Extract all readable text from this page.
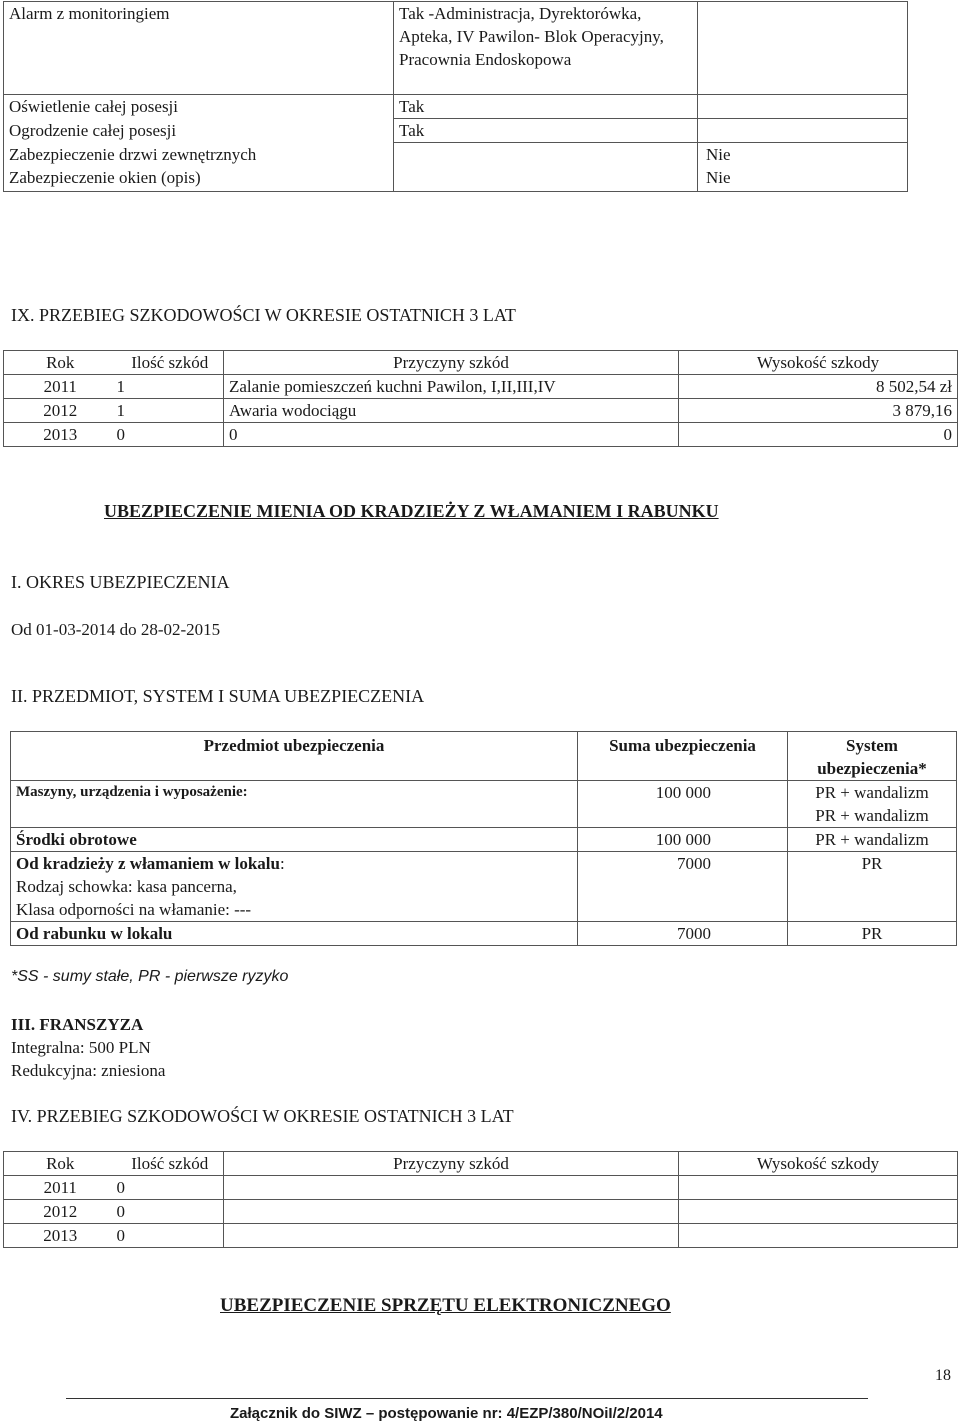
Alarm z monitoringiem	Tak -Administracja, Dyrektorówka, Apteka, IV Pawilon- Blok Operacyjny, Pracownia Endoskopowa	
Oświetlenie całej posesji	Tak	
Ogrodzenie całej posesji	Tak	
Zabezpieczenie drzwi zewnętrznych		Nie
Zabezpieczenie okien (opis)		Nie
IX. PRZEBIEG SZKODOWOŚCI W OKRESIE OSTATNICH 3 LAT
Rok	Ilość szkód	Przyczyny szkód	Wysokość szkody
2011	1	Zalanie pomieszczeń kuchni Pawilon, I,II,III,IV	8 502,54 zł
2012	1	Awaria wodociągu	3 879,16
2013	0	0	0
UBEZPIECZENIE MIENIA OD KRADZIEŻY Z WŁAMANIEM I RABUNKU
I. OKRES UBEZPIECZENIA
Od 01-03-2014 do 28-02-2015
II. PRZEDMIOT, SYSTEM I SUMA UBEZPIECZENIA
Przedmiot ubezpieczenia	Suma ubezpieczenia	System ubezpieczenia*
Maszyny, urządzenia i wyposażenie:	100 000	PR + wandalizm
PR + wandalizm

Środki obrotowe	100 000	PR + wandalizm

Od kradzieży z włamaniem w lokalu:
Rodzaj schowka: kasa pancerna,
Klasa odporności na włamanie: ---	7000	PR
Od rabunku w lokalu	7000	PR
*SS - sumy stałe, PR - pierwsze ryzyko
III. FRANSZYZA
Integralna: 500 PLN
Redukcyjna: zniesiona
IV. PRZEBIEG SZKODOWOŚCI W OKRESIE OSTATNICH 3 LAT
Rok	Ilość szkód	Przyczyny szkód	Wysokość szkody
2011	0		
2012	0		
2013	0		
UBEZPIECZENIE SPRZĘTU ELEKTRONICZNEGO
18
Załącznik do SIWZ – postępowanie nr: 4/EZP/380/NOiI/2/2014
